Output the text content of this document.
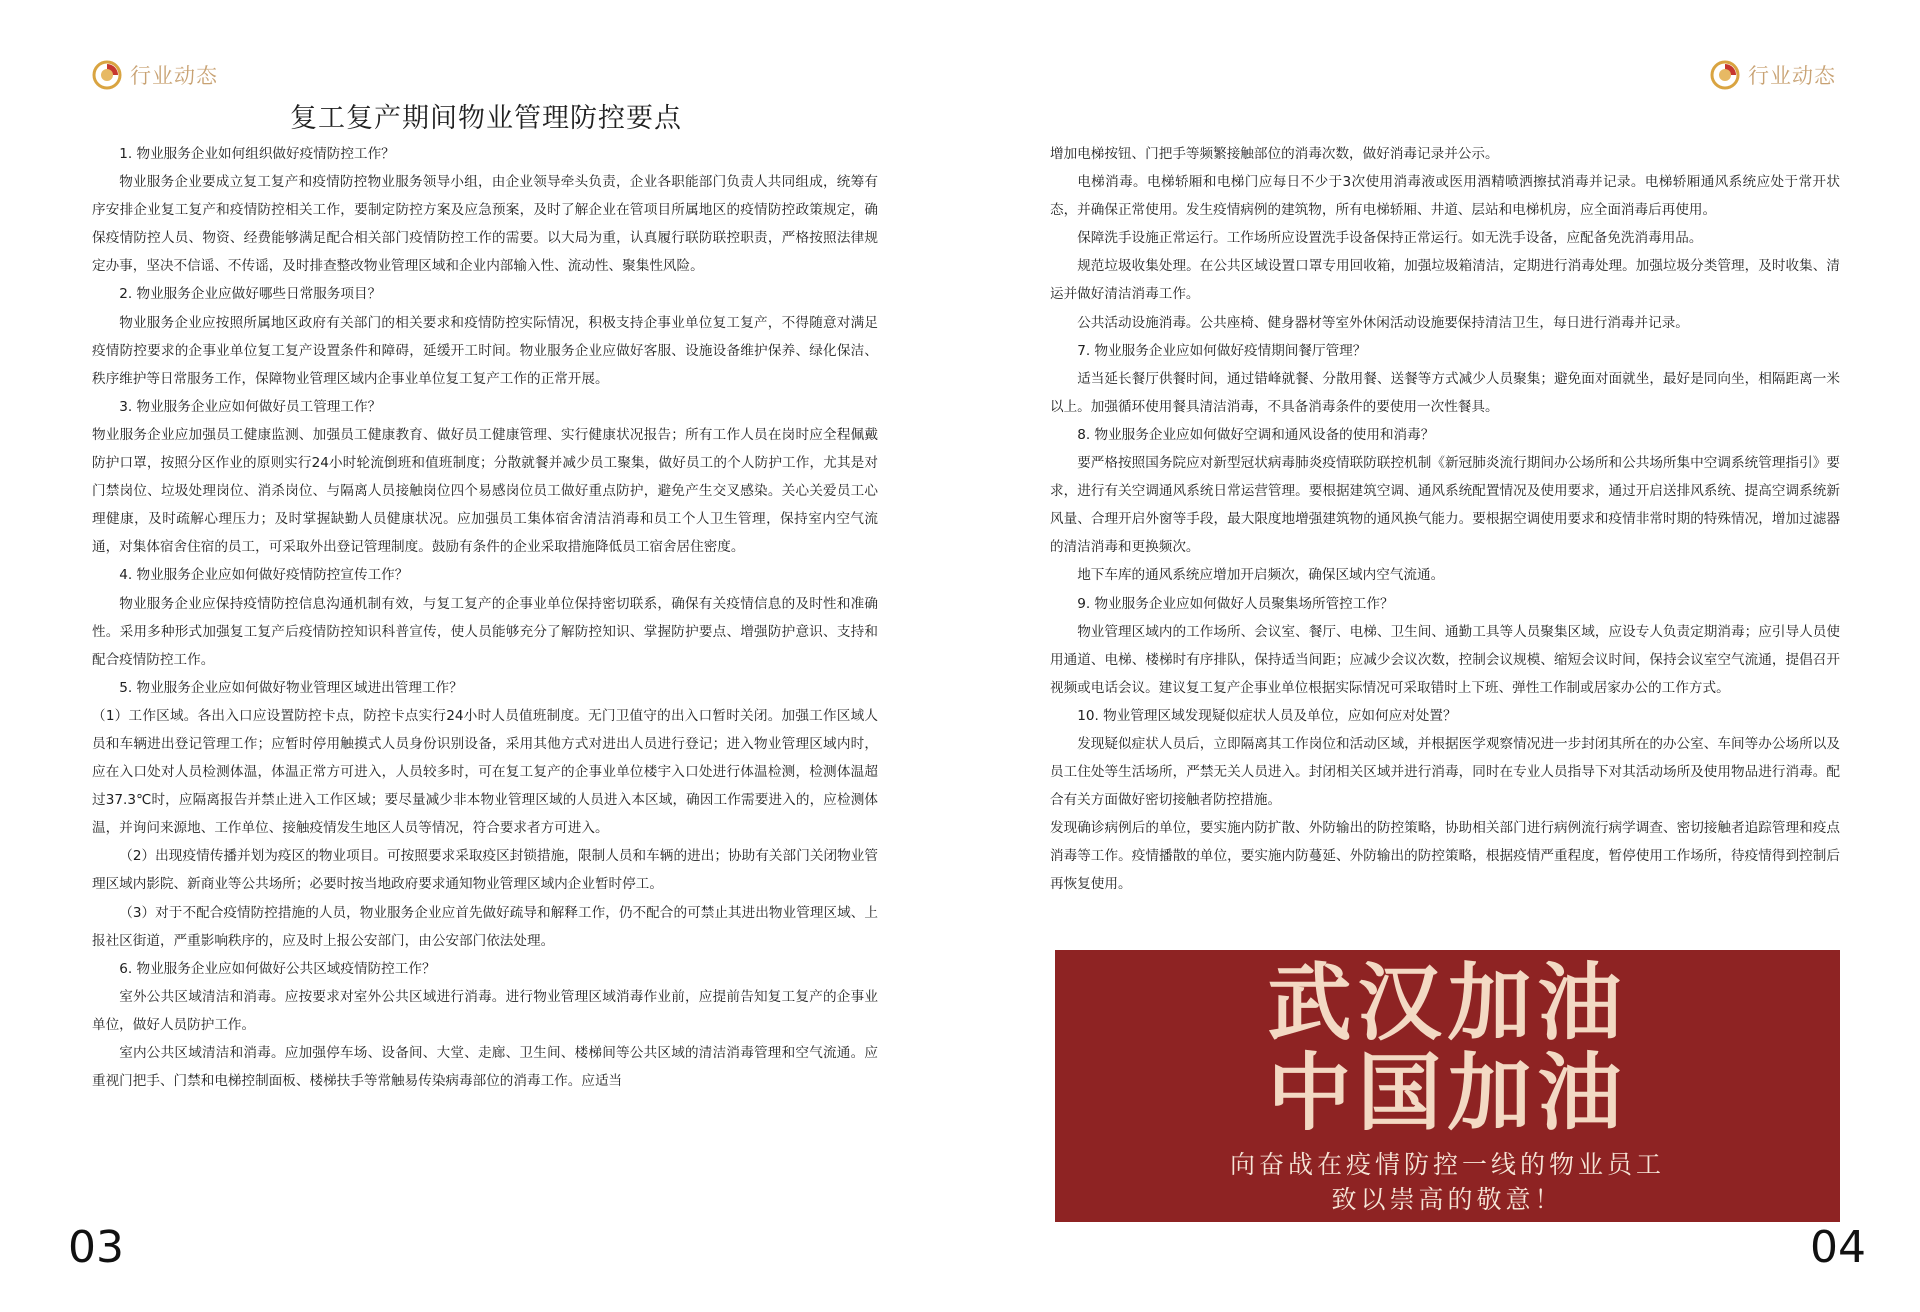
行业动态
复工复产期间物业管理防控要点

1. 物业服务企业如何组织做好疫情防控工作？

物业服务企业要成立复工复产和疫情防控物业服务领导小组，由企业领导牵头负责，企业各职能部门负责人共同组成，统筹有序安排企业复工复产和疫情防控相关工作，要制定防控方案及应急预案，及时了解企业在管项目所属地区的疫情防控政策规定，确保疫情防控人员、物资、经费能够满足配合相关部门疫情防控工作的需要。以大局为重，认真履行联防联控职责，严格按照法律规定办事，坚决不信谣、不传谣，及时排查整改物业管理区域和企业内部输入性、流动性、聚集性风险。

2. 物业服务企业应做好哪些日常服务项目？

物业服务企业应按照所属地区政府有关部门的相关要求和疫情防控实际情况，积极支持企事业单位复工复产，不得随意对满足疫情防控要求的企事业单位复工复产设置条件和障碍，延缓开工时间。物业服务企业应做好客服、设施设备维护保养、绿化保洁、秩序维护等日常服务工作，保障物业管理区域内企事业单位复工复产工作的正常开展。

3. 物业服务企业应如何做好员工管理工作？

物业服务企业应加强员工健康监测、加强员工健康教育、做好员工健康管理、实行健康状况报告；所有工作人员在岗时应全程佩戴防护口罩，按照分区作业的原则实行24小时轮流倒班和值班制度；分散就餐并减少员工聚集，做好员工的个人防护工作，尤其是对门禁岗位、垃圾处理岗位、消杀岗位、与隔离人员接触岗位四个易感岗位员工做好重点防护，避免产生交叉感染。关心关爱员工心理健康，及时疏解心理压力；及时掌握缺勤人员健康状况。应加强员工集体宿舍清洁消毒和员工个人卫生管理，保持室内空气流通，对集体宿舍住宿的员工，可采取外出登记管理制度。鼓励有条件的企业采取措施降低员工宿舍居住密度。

4. 物业服务企业应如何做好疫情防控宣传工作？

物业服务企业应保持疫情防控信息沟通机制有效，与复工复产的企事业单位保持密切联系，确保有关疫情信息的及时性和准确性。采用多种形式加强复工复产后疫情防控知识科普宣传，使人员能够充分了解防控知识、掌握防护要点、增强防护意识、支持和配合疫情防控工作。

5. 物业服务企业应如何做好物业管理区域进出管理工作？

（1）工作区域。各出入口应设置防控卡点，防控卡点实行24小时人员值班制度。无门卫值守的出入口暂时关闭。加强工作区域人员和车辆进出登记管理工作；应暂时停用触摸式人员身份识别设备，采用其他方式对进出人员进行登记；进入物业管理区域内时，应在入口处对人员检测体温，体温正常方可进入，人员较多时，可在复工复产的企事业单位楼宇入口处进行体温检测，检测体温超过37.3℃时，应隔离报告并禁止进入工作区域；要尽量减少非本物业管理区域的人员进入本区域，确因工作需要进入的，应检测体温，并询问来源地、工作单位、接触疫情发生地区人员等情况，符合要求者方可进入。

（2）出现疫情传播并划为疫区的物业项目。可按照要求采取疫区封锁措施，限制人员和车辆的进出；协助有关部门关闭物业管理区域内影院、新商业等公共场所；必要时按当地政府要求通知物业管理区域内企业暂时停工。

（3）对于不配合疫情防控措施的人员，物业服务企业应首先做好疏导和解释工作，仍不配合的可禁止其进出物业管理区域、上报社区街道，严重影响秩序的，应及时上报公安部门，由公安部门依法处理。

6. 物业服务企业应如何做好公共区域疫情防控工作？

室外公共区域清洁和消毒。应按要求对室外公共区域进行消毒。进行物业管理区域消毒作业前，应提前告知复工复产的企事业单位，做好人员防护工作。

室内公共区域清洁和消毒。应加强停车场、设备间、大堂、走廊、卫生间、楼梯间等公共区域的清洁消毒管理和空气流通。应重视门把手、门禁和电梯控制面板、楼梯扶手等常触易传染病毒部位的消毒工作。应适当

03
行业动态

增加电梯按钮、门把手等频繁接触部位的消毒次数，做好消毒记录并公示。

电梯消毒。电梯轿厢和电梯门应每日不少于3次使用消毒液或医用酒精喷洒擦拭消毒并记录。电梯轿厢通风系统应处于常开状态，并确保正常使用。发生疫情病例的建筑物，所有电梯轿厢、井道、层站和电梯机房，应全面消毒后再使用。

保障洗手设施正常运行。工作场所应设置洗手设备保持正常运行。如无洗手设备，应配备免洗消毒用品。

规范垃圾收集处理。在公共区域设置口罩专用回收箱，加强垃圾箱清洁，定期进行消毒处理。加强垃圾分类管理，及时收集、清运并做好清洁消毒工作。

公共活动设施消毒。公共座椅、健身器材等室外休闲活动设施要保持清洁卫生，每日进行消毒并记录。

7. 物业服务企业应如何做好疫情期间餐厅管理？

适当延长餐厅供餐时间，通过错峰就餐、分散用餐、送餐等方式减少人员聚集；避免面对面就坐，最好是同向坐，相隔距离一米以上。加强循环使用餐具清洁消毒，不具备消毒条件的要使用一次性餐具。

8. 物业服务企业应如何做好空调和通风设备的使用和消毒？

要严格按照国务院应对新型冠状病毒肺炎疫情联防联控机制《新冠肺炎流行期间办公场所和公共场所集中空调系统管理指引》要求，进行有关空调通风系统日常运营管理。要根据建筑空调、通风系统配置情况及使用要求，通过开启送排风系统、提高空调系统新风量、合理开启外窗等手段，最大限度地增强建筑物的通风换气能力。要根据空调使用要求和疫情非常时期的特殊情况，增加过滤器的清洁消毒和更换频次。

地下车库的通风系统应增加开启频次，确保区域内空气流通。

9. 物业服务企业应如何做好人员聚集场所管控工作？

物业管理区域内的工作场所、会议室、餐厅、电梯、卫生间、通勤工具等人员聚集区域，应设专人负责定期消毒；应引导人员使用通道、电梯、楼梯时有序排队，保持适当间距；应减少会议次数，控制会议规模、缩短会议时间，保持会议室空气流通，提倡召开视频或电话会议。建议复工复产企事业单位根据实际情况可采取错时上下班、弹性工作制或居家办公的工作方式。

10. 物业管理区域发现疑似症状人员及单位，应如何应对处置？

发现疑似症状人员后，立即隔离其工作岗位和活动区域，并根据医学观察情况进一步封闭其所在的办公室、车间等办公场所以及员工住处等生活场所，严禁无关人员进入。封闭相关区域并进行消毒，同时在专业人员指导下对其活动场所及使用物品进行消毒。配合有关方面做好密切接触者防控措施。

发现确诊病例后的单位，要实施内防扩散、外防输出的防控策略，协助相关部门进行病例流行病学调查、密切接触者追踪管理和疫点消毒等工作。疫情播散的单位，要实施内防蔓延、外防输出的防控策略，根据疫情严重程度，暂停使用工作场所，待疫情得到控制后再恢复使用。

武汉加油
中国加油
向奋战在疫情防控一线的物业员工
致以崇高的敬意！
04
